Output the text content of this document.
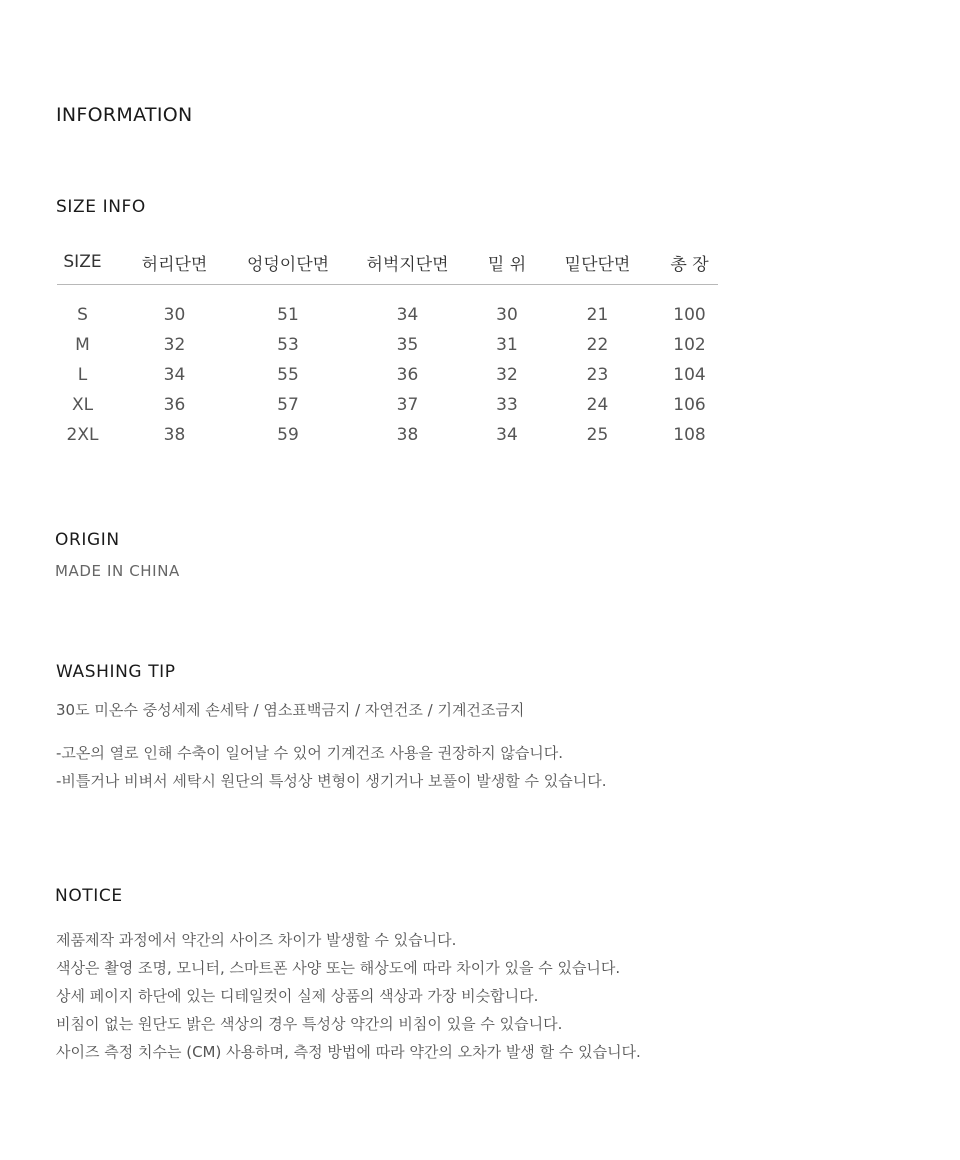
INFORMATION
SIZE INFO
SIZE	허리단면	엉덩이단면	허벅지단면	밑 위	밑단단면	총 장

S	30	51	34	30	21	100
M	32	53	35	31	22	102
L	34	55	36	32	23	104
XL	36	57	37	33	24	106
2XL	38	59	38	34	25	108
ORIGIN
MADE IN CHINA
WASHING TIP
30도 미온수 중성세제 손세탁 / 염소표백금지 / 자연건조 / 기계건조금지
-고온의 열로 인해 수축이 일어날 수 있어 기계건조 사용을 권장하지 않습니다.
-비틀거나 비벼서 세탁시 원단의 특성상 변형이 생기거나 보풀이 발생할 수 있습니다.
NOTICE
제품제작 과정에서 약간의 사이즈 차이가 발생할 수 있습니다.
색상은 촬영 조명, 모니터, 스마트폰 사양 또는 해상도에 따라 차이가 있을 수 있습니다.
상세 페이지 하단에 있는 디테일컷이 실제 상품의 색상과 가장 비슷합니다.
비침이 없는 원단도 밝은 색상의 경우 특성상 약간의 비침이 있을 수 있습니다.
사이즈 측정 치수는 (CM) 사용하며, 측정 방법에 따라 약간의 오차가 발생 할 수 있습니다.
